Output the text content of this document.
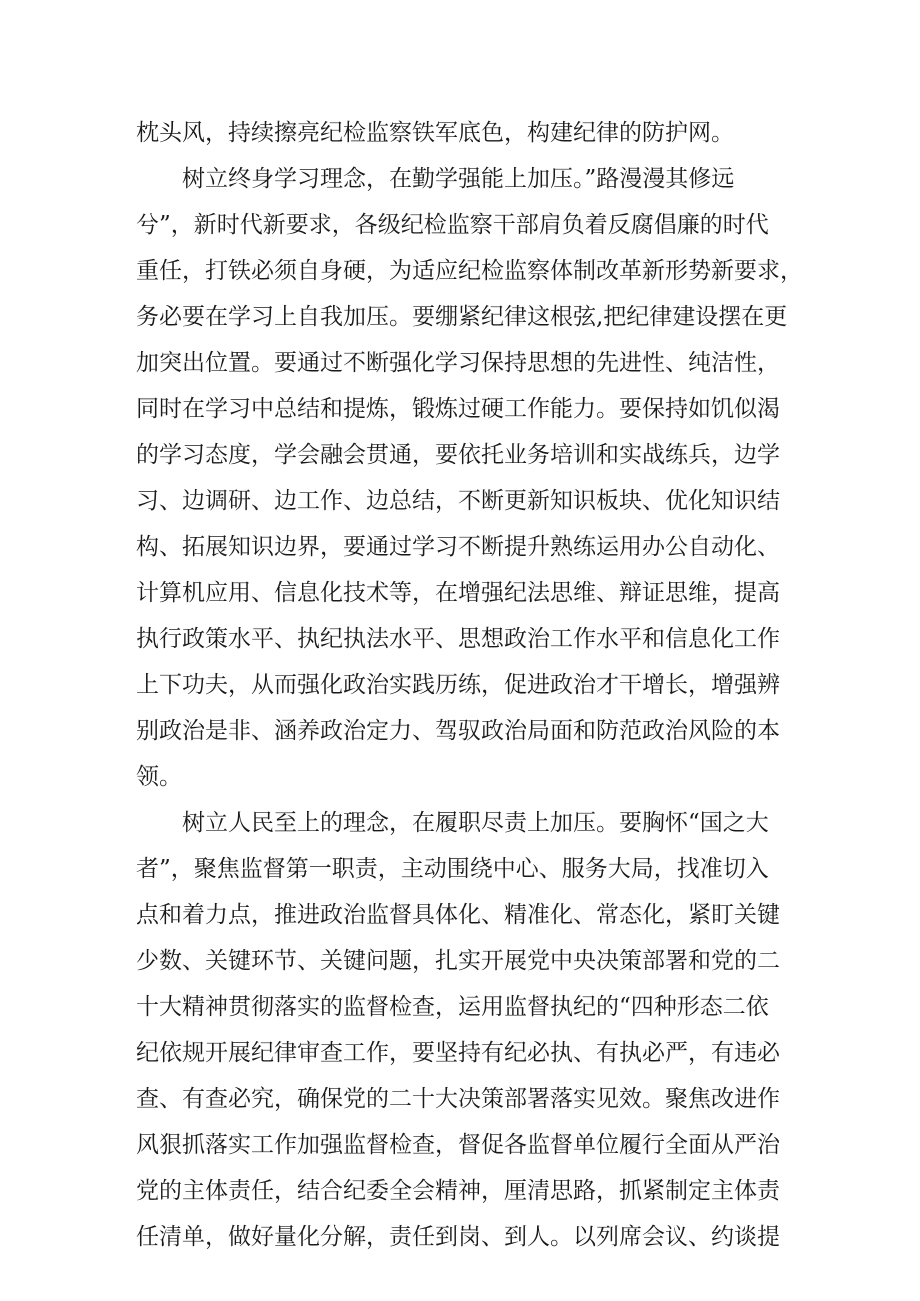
枕头风，持续擦亮纪检监察铁军底色，构建纪律的防护网。
树立终身学习理念，在勤学强能上加压。”路漫漫其修远
兮”，新时代新要求，各级纪检监察干部肩负着反腐倡廉的时代
重任，打铁必须自身硬，为适应纪检监察体制改革新形势新要求，
务必要在学习上自我加压。要绷紧纪律这根弦,把纪律建设摆在更
加突出位置。要通过不断强化学习保持思想的先进性、纯洁性，
同时在学习中总结和提炼，锻炼过硬工作能力。要保持如饥似渴
的学习态度，学会融会贯通，要依托业务培训和实战练兵，边学
习、边调研、边工作、边总结，不断更新知识板块、优化知识结
构、拓展知识边界，要通过学习不断提升熟练运用办公自动化、
计算机应用、信息化技术等，在增强纪法思维、辩证思维，提高
执行政策水平、执纪执法水平、思想政治工作水平和信息化工作
上下功夫，从而强化政治实践历练，促进政治才干增长，增强辨
别政治是非、涵养政治定力、驾驭政治局面和防范政治风险的本
领。
树立人民至上的理念，在履职尽责上加压。要胸怀“国之大
者”，聚焦监督第一职责，主动围绕中心、服务大局，找准切入
点和着力点，推进政治监督具体化、精准化、常态化，紧盯关键
少数、关键环节、关键问题，扎实开展党中央决策部署和党的二
十大精神贯彻落实的监督检查，运用监督执纪的“四种形态二依
纪依规开展纪律审查工作，要坚持有纪必执、有执必严，有违必
查、有查必究，确保党的二十大决策部署落实见效。聚焦改进作
风狠抓落实工作加强监督检查，督促各监督单位履行全面从严治
党的主体责任，结合纪委全会精神，厘清思路，抓紧制定主体责
任清单，做好量化分解，责任到岗、到人。以列席会议、约谈提
